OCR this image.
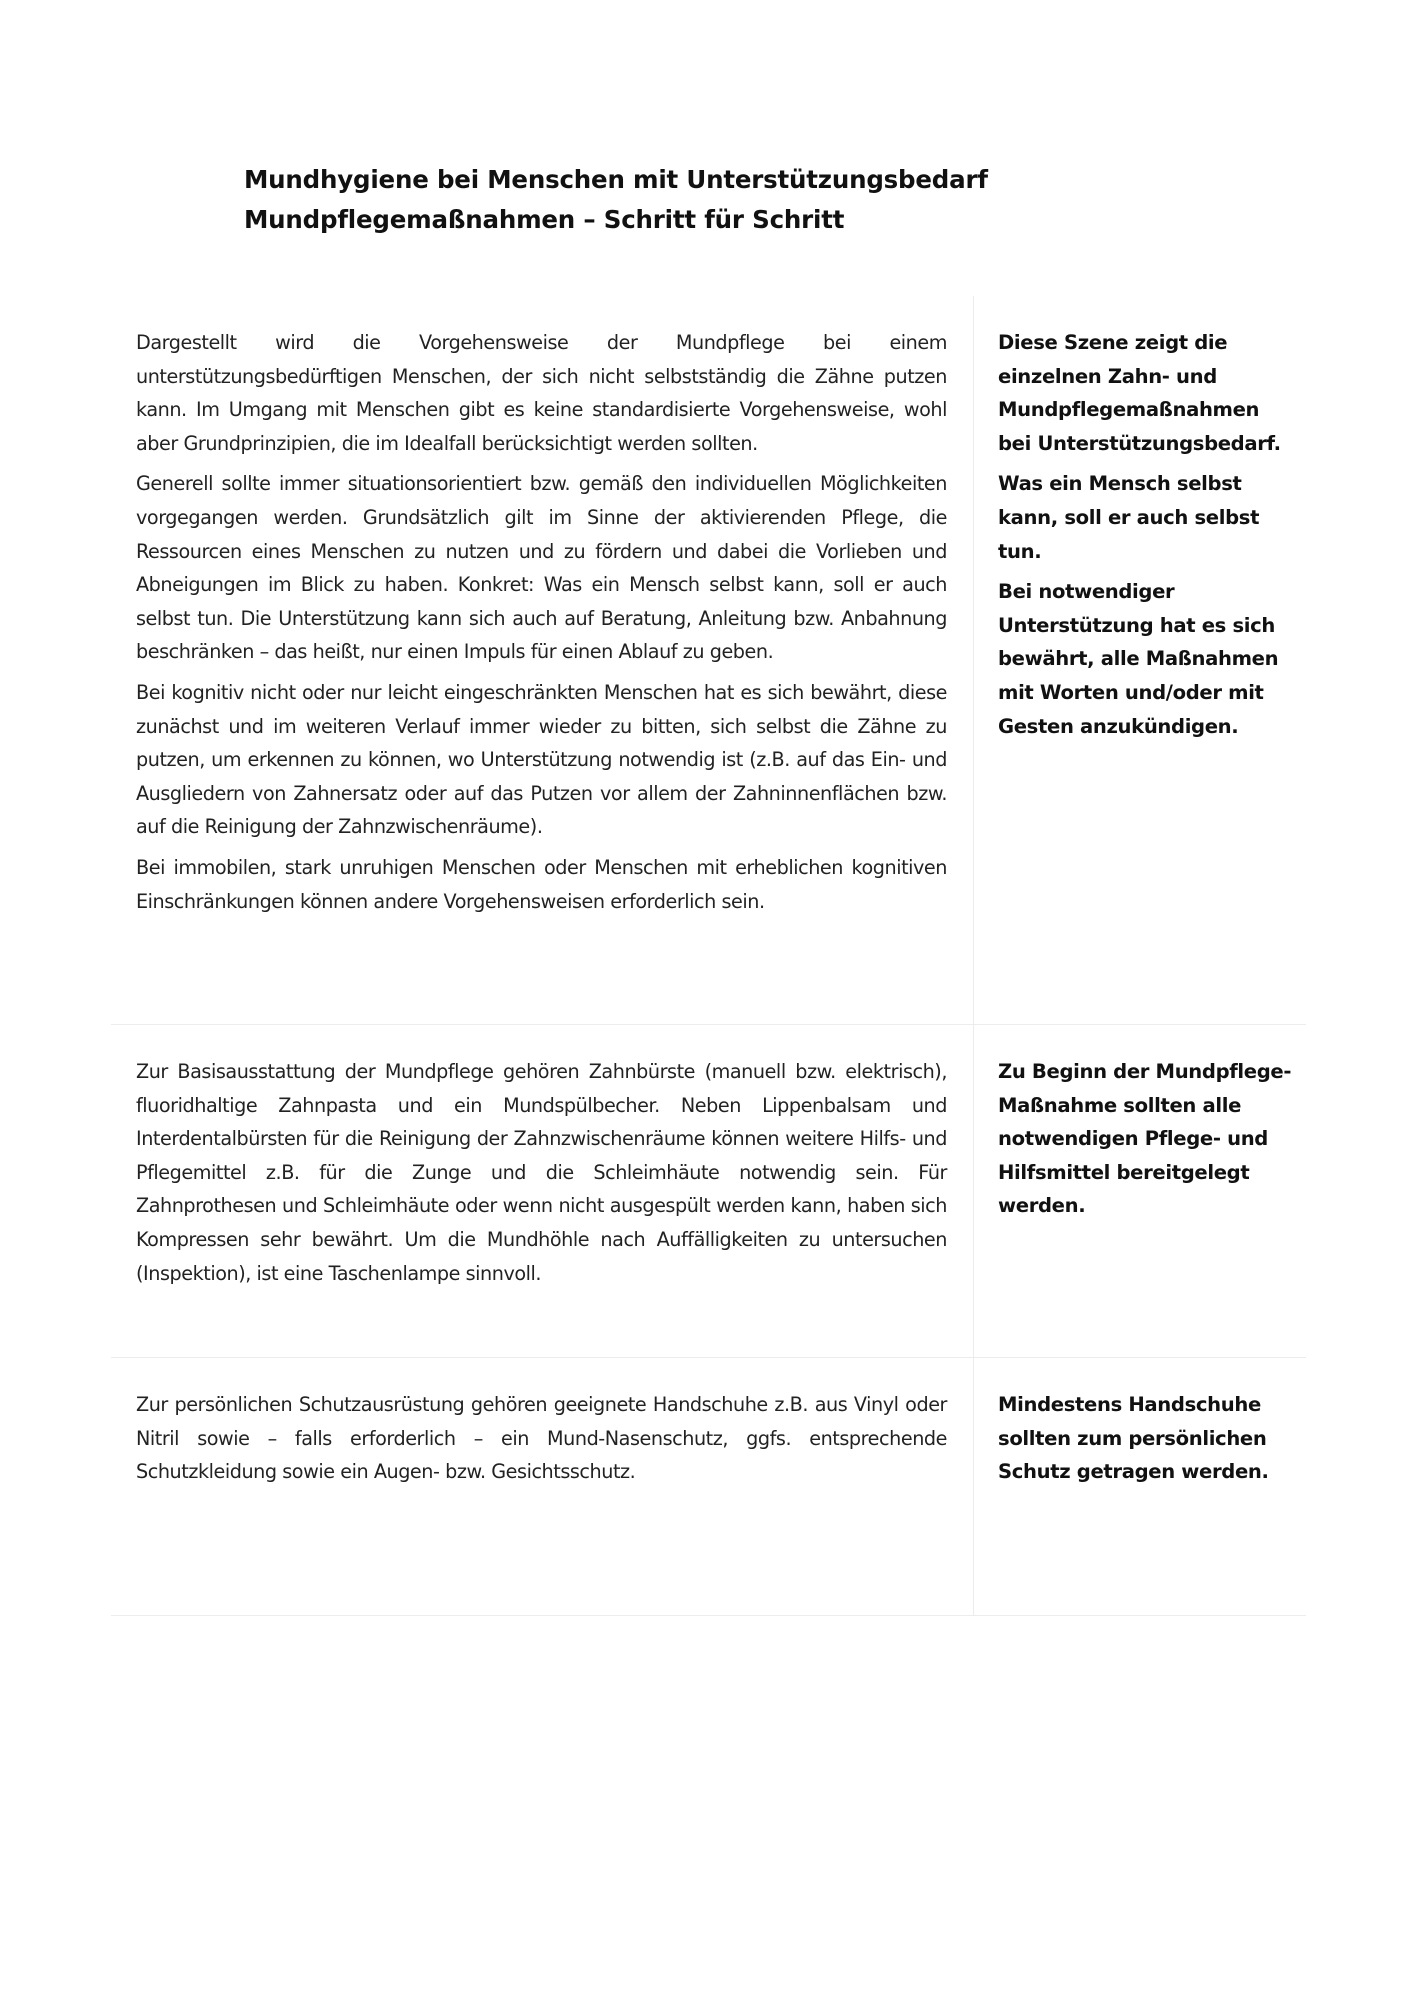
Mundhygiene bei Menschen mit Unterstützungsbedarf
Mundpflegemaßnahmen – Schritt für Schritt

Dargestellt wird die Vorgehensweise der Mundpflege bei einem unterstützungsbedürftigen Menschen, der sich nicht selbstständig die Zähne putzen kann. Im Umgang mit Menschen gibt es keine standardisierte Vorgehensweise, wohl aber Grundprinzipien, die im Idealfall berücksichtigt werden sollten.

Generell sollte immer situationsorientiert bzw. gemäß den individuellen Möglichkeiten vorgegangen werden. Grundsätzlich gilt im Sinne der aktivierenden Pflege, die Ressourcen eines Menschen zu nutzen und zu fördern und dabei die Vorlieben und Abneigungen im Blick zu haben. Konkret: Was ein Mensch selbst kann, soll er auch selbst tun. Die Unterstützung kann sich auch auf Beratung, Anleitung bzw. Anbahnung beschränken – das heißt, nur einen Impuls für einen Ablauf zu geben.

Bei kognitiv nicht oder nur leicht eingeschränkten Menschen hat es sich bewährt, diese zunächst und im weiteren Verlauf immer wieder zu bitten, sich selbst die Zähne zu putzen, um erkennen zu können, wo Unterstützung notwendig ist (z.B. auf das Ein- und Ausgliedern von Zahnersatz oder auf das Putzen vor allem der Zahninnenflächen bzw. auf die Reinigung der Zahnzwischenräume).

Bei immobilen, stark unruhigen Menschen oder Menschen mit erheblichen kognitiven Einschränkungen können andere Vorgehensweisen erforderlich sein.

Diese Szene zeigt die einzelnen Zahn- und Mundpflegemaßnahmen bei Unterstützungsbedarf.

Was ein Mensch selbst kann, soll er auch selbst tun.

Bei notwendiger Unterstützung hat es sich bewährt, alle Maßnahmen mit Worten und/oder mit Gesten anzukündigen.

Zur Basisausstattung der Mundpflege gehören Zahnbürste (manuell bzw. elektrisch), fluoridhaltige Zahnpasta und ein Mundspülbecher. Neben Lippenbalsam und Interdentalbürsten für die Reinigung der Zahnzwischenräume können weitere Hilfs- und Pflegemittel z.B. für die Zunge und die Schleimhäute notwendig sein. Für Zahnprothesen und Schleimhäute oder wenn nicht ausgespült werden kann, haben sich Kompressen sehr bewährt. Um die Mundhöhle nach Auffälligkeiten zu untersuchen (Inspektion), ist eine Taschenlampe sinnvoll.

Zu Beginn der Mundpflege-Maßnahme sollten alle notwendigen Pflege- und Hilfsmittel bereitgelegt werden.

Zur persönlichen Schutzausrüstung gehören geeignete Handschuhe z.B. aus Vinyl oder Nitril sowie – falls erforderlich – ein Mund-Nasenschutz, ggfs. entsprechende Schutzkleidung sowie ein Augen- bzw. Gesichtsschutz.

Mindestens Handschuhe sollten zum persönlichen Schutz getragen werden.
